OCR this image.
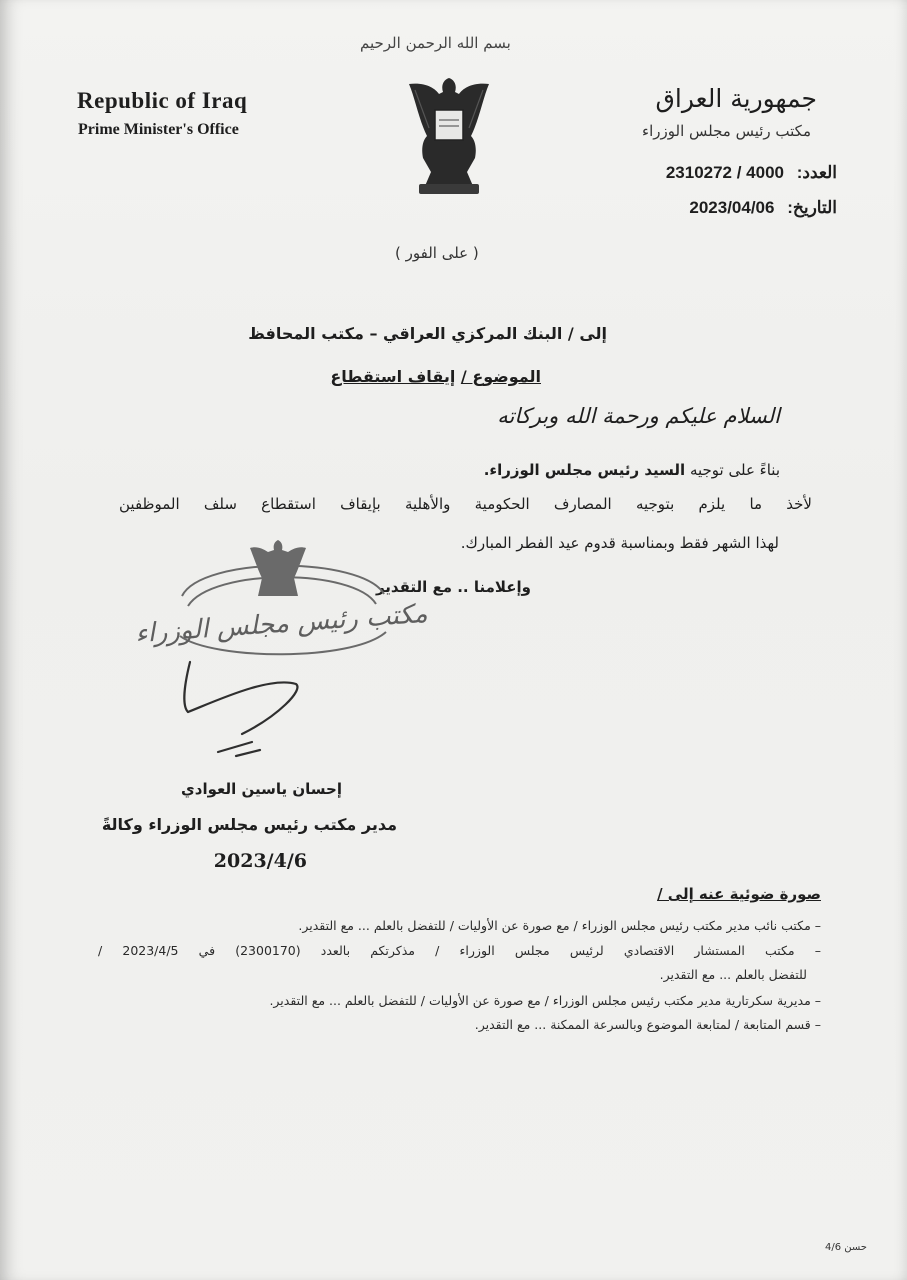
بسم الله الرحمن الرحيم
Republic of Iraq
Prime Minister's Office
جمهورية العراق
مكتب رئيس مجلس الوزراء
العدد: 2310272 / 4000
التاريخ: 2023/04/06
( على الفور )
إلى / البنك المركزي العراقي – مكتب المحافظ
الموضوع / إيقاف استقطاع
السلام عليكم ورحمة الله وبركاته
بناءً على توجيه السيد رئيس مجلس الوزراء.
لأخذ ما يلزم بتوجيه المصارف الحكومية والأهلية بإيقاف استقطاع سلف الموظفين
لهذا الشهر فقط وبمناسبة قدوم عيد الفطر المبارك.
وإعلامنا .. مع التقدير
مكتب رئيس مجلس الوزراء
إحسان ياسين العوادي
مدير مكتب رئيس مجلس الوزراء وكالةً
2023/4/6
صورة ضوئية عنه إلى /
– مكتب نائب مدير مكتب رئيس مجلس الوزراء / مع صورة عن الأوليات / للتفضل بالعلم ... مع التقدير.
– مكتب المستشار الاقتصادي لرئيس مجلس الوزراء / مذكرتكم بالعدد (2300170) في 2023/4/5 /
للتفضل بالعلم ... مع التقدير.
– مديرية سكرتارية مدير مكتب رئيس مجلس الوزراء / مع صورة عن الأوليات / للتفضل بالعلم ... مع التقدير.
– قسم المتابعة / لمتابعة الموضوع وبالسرعة الممكنة ... مع التقدير.
حسن 4/6
